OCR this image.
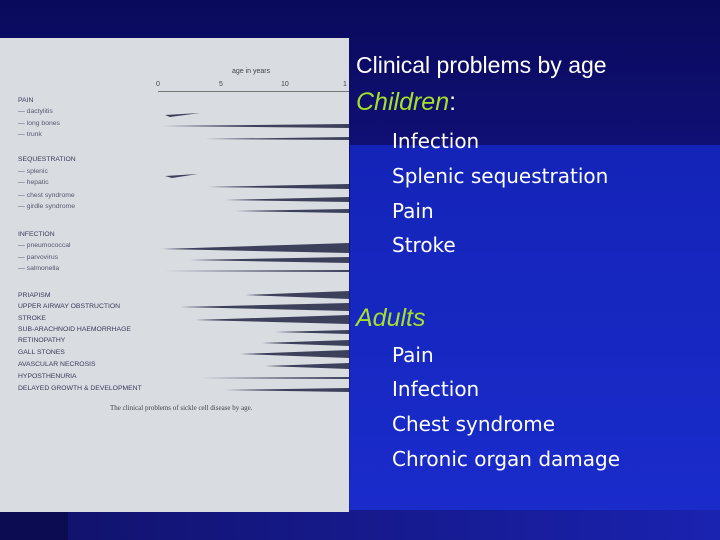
age in years
0	5	10	1
PAIN
— dactylitis
— long bones
— trunk
SEQUESTRATION
— splenic
— hepatic
— chest syndrome
— girdle syndrome
INFECTION
— pneumococcal
— parvovirus
— salmonella
PRIAPISM
UPPER AIRWAY OBSTRUCTION
STROKE
SUB-ARACHNOID HAEMORRHAGE
RETINOPATHY
GALL STONES
AVASCULAR NECROSIS
HYPOSTHENURIA
DELAYED GROWTH & DEVELOPMENT
The clinical problems of sickle cell disease by age.
Clinical problems by age
Children:
Infection
Splenic sequestration
Pain
Stroke
Adults
Pain
Infection
Chest syndrome
Chronic organ damage
